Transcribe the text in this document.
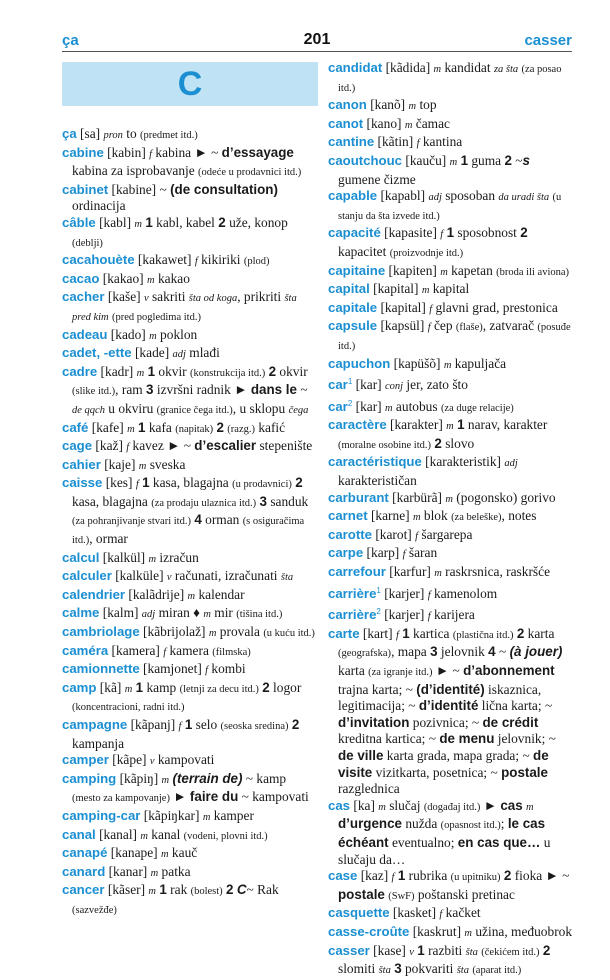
ça	201	casser
C
ça [sa] pron to (predmet itd.)
cabine [kabin] f kabina ► ~ d’essayage kabina za isprobavanje (odeće u prodavnici itd.)
cabinet [kabine] ~ (de consultation) ordinacija
câble [kabl] m 1 kabl, kabel 2 uže, konop (deblji)
cacahouète [kakawet] f kikiriki (plod)
cacao [kakao] m kakao
cacher [kaše] v sakriti šta od koga, prikriti šta pred kim (pred pogledima itd.)
cadeau [kado] m poklon
cadet, -ette [kade] adj mlađi
cadre [kadr] m 1 okvir (konstrukcija itd.) 2 okvir (slike itd.), ram 3 izvršni radnik ► dans le ~ de qqch u okviru (granice čega itd.), u sklopu čega
café [kafe] m 1 kafa (napitak) 2 (razg.) kafić
cage [kaž] f kavez ► ~ d’escalier stepenište
cahier [kaje] m sveska
caisse [kes] f 1 kasa, blagajna (u prodavnici) 2 kasa, blagajna (za prodaju ulaznica itd.) 3 sanduk (za pohranjivanje stvari itd.) 4 orman (s osiguračima itd.), ormar
calcul [kalkül] m izračun
calculer [kalküle] v računati, izračunati šta
calendrier [kalãdrije] m kalendar
calme [kalm] adj miran ♦ m mir (tišina itd.)
cambriolage [kãbrijolaž] m provala (u kuću itd.)
caméra [kamera] f kamera (filmska)
camionnette [kamjonet] f kombi
camp [kã] m 1 kamp (letnji za decu itd.) 2 logor (koncentracioni, radni itd.)
campagne [kãpanj] f 1 selo (seoska sredina) 2 kampanja
camper [kãpe] v kampovati
camping [kãpiŋ] m (terrain de) ~ kamp (mesto za kampovanje) ► faire du ~ kampovati
camping-car [kãpiŋkar] m kamper
canal [kanal] m kanal (vodeni, plovni itd.)
canapé [kanape] m kauč
canard [kanar] m patka
cancer [kãser] m 1 rak (bolest) 2 C~ Rak (sazvežđe)
candidat [kãdida] m kandidat za šta (za posao itd.)
canon [kanõ] m top
canot [kano] m čamac
cantine [kãtin] f kantina
caoutchouc [kauču] m 1 guma 2 ~s gumene čizme
capable [kapabl] adj sposoban da uradi šta (u stanju da šta izvede itd.)
capacité [kapasite] f 1 sposobnost 2 kapacitet (proizvodnje itd.)
capitaine [kapiten] m kapetan (broda ili aviona)
capital [kapital] m kapital
capitale [kapital] f glavni grad, prestonica
capsule [kapsül] f čep (flaše), zatvarač (posuđe itd.)
capuchon [kapüšõ] m kapuljača
car$^1$ [kar] conj jer, zato što
car$^2$ [kar] m autobus (za duge relacije)
caractère [karakter] m 1 narav, karakter (moralne osobine itd.) 2 slovo
caractéristique [karakteristik] adj karakterističan
carburant [karbürã] m (pogonsko) gorivo
carnet [karne] m blok (za beleške), notes
carotte [karot] f šargarepa
carpe [karp] f šaran
carrefour [karfur] m raskrsnica, raskršće
carrière$^1$ [karjer] f kamenolom
carrière$^2$ [karjer] f karijera
carte [kart] f 1 kartica (plastična itd.) 2 karta (geografska), mapa 3 jelovnik 4 ~ (à jouer) karta (za igranje itd.) ► ~ d’abonnement trajna karta; ~ (d’identité) iskaznica, legitimacija; ~ d’identité lična karta; ~ d’invitation pozivnica; ~ de crédit kreditna kartica; ~ de menu jelovnik; ~ de ville karta grada, mapa grada; ~ de visite vizitkarta, posetnica; ~ postale razglednica
cas [ka] m slučaj (događaj itd.) ► cas m d’urgence nužda (opasnost itd.); le cas échéant eventualno; en cas que… u slučaju da…
case [kaz] f 1 rubrika (u upitniku) 2 fioka ► ~ postale (SwF) poštanski pretinac
casquette [kasket] f kačket
casse-croûte [kaskrut] m užina, međuobrok
casser [kase] v 1 razbiti šta (čekićem itd.) 2 slomiti šta 3 pokvariti šta (aparat itd.)
